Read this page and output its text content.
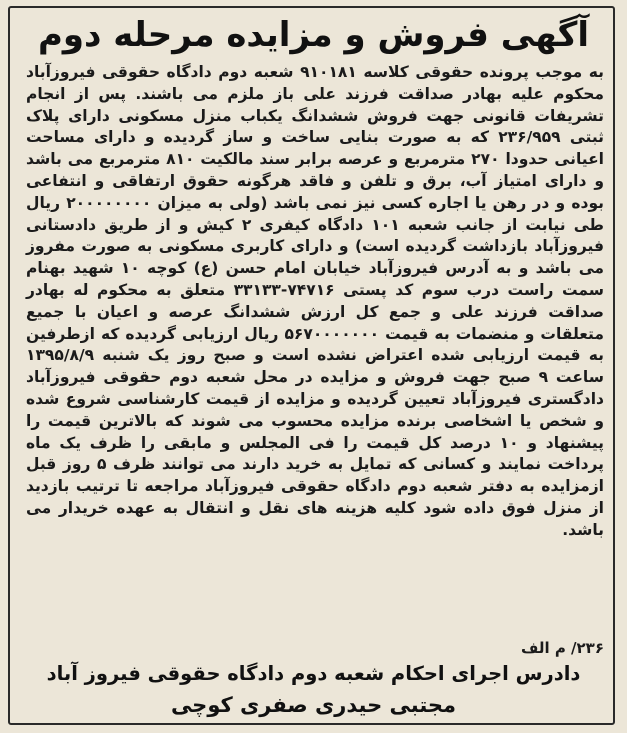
آگهی فروش و مزایده مرحله دوم

به موجب پرونده حقوقی کلاسه ۹۱۰۱۸۱ شعبه دوم دادگاه حقوقی فیروزآباد محکوم علیه بهادر صداقت فرزند علی باز ملزم می باشند. پس از انجام تشریفات قانونی جهت فروش ششدانگ یکباب منزل مسکونی دارای پلاک ثبتی ۲۳۶/۹۵۹ که به صورت بنایی ساخت و ساز گردیده و دارای مساحت اعیانی حدودا ۲۷۰ مترمربع و عرصه برابر سند مالکیت ۸۱۰ مترمربع می باشد و دارای امتیاز آب، برق و تلفن و فاقد هرگونه حقوق ارتفاقی و انتفاعی بوده و در رهن یا اجاره کسی نیز نمی باشد (ولی به میزان ۲۰۰۰۰۰۰۰۰ ریال طی نیابت از جانب شعبه ۱۰۱ دادگاه کیفری ۲ کیش و از طریق دادستانی فیروزآباد بازداشت گردیده است) و دارای کاربری مسکونی به صورت مفروز می باشد و به آدرس فیروزآباد خیابان امام حسن (ع) کوچه ۱۰ شهید بهنام سمت راست درب سوم کد پستی ۷۴۷۱۶-۳۳۱۳۳ متعلق به محکوم له بهادر صداقت فرزند علی و جمع کل ارزش ششدانگ عرصه و اعیان با جمیع متعلقات و منضمات به قیمت ۵۶۷۰۰۰۰۰۰۰ ریال ارزیابی گردیده که ازطرفین به قیمت ارزیابی شده اعتراض نشده است و صبح روز یک شنبه ۱۳۹۵/۸/۹ ساعت ۹ صبح جهت فروش و مزایده در محل شعبه دوم حقوقی فیروزآباد دادگستری فیروزآباد تعیین گردیده و مزایده از قیمت کارشناسی شروع شده و شخص یا اشخاصی برنده مزایده محسوب می شوند که بالاترین قیمت را پیشنهاد و ۱۰ درصد کل قیمت را فی المجلس و مابقی را ظرف یک ماه پرداخت نمایند و کسانی که تمایل به خرید دارند می توانند ظرف ۵ روز قبل ازمزایده به دفتر شعبه دوم دادگاه حقوقی فیروزآباد مراجعه تا ترتیب بازدید از منزل فوق داده شود کلیه هزینه های نقل و انتقال به عهده خریدار می باشد.

۲۳۶/ م الف
دادرس اجرای احکام شعبه دوم دادگاه حقوقی فیروز آباد
مجتبی حیدری صفری کوچی
